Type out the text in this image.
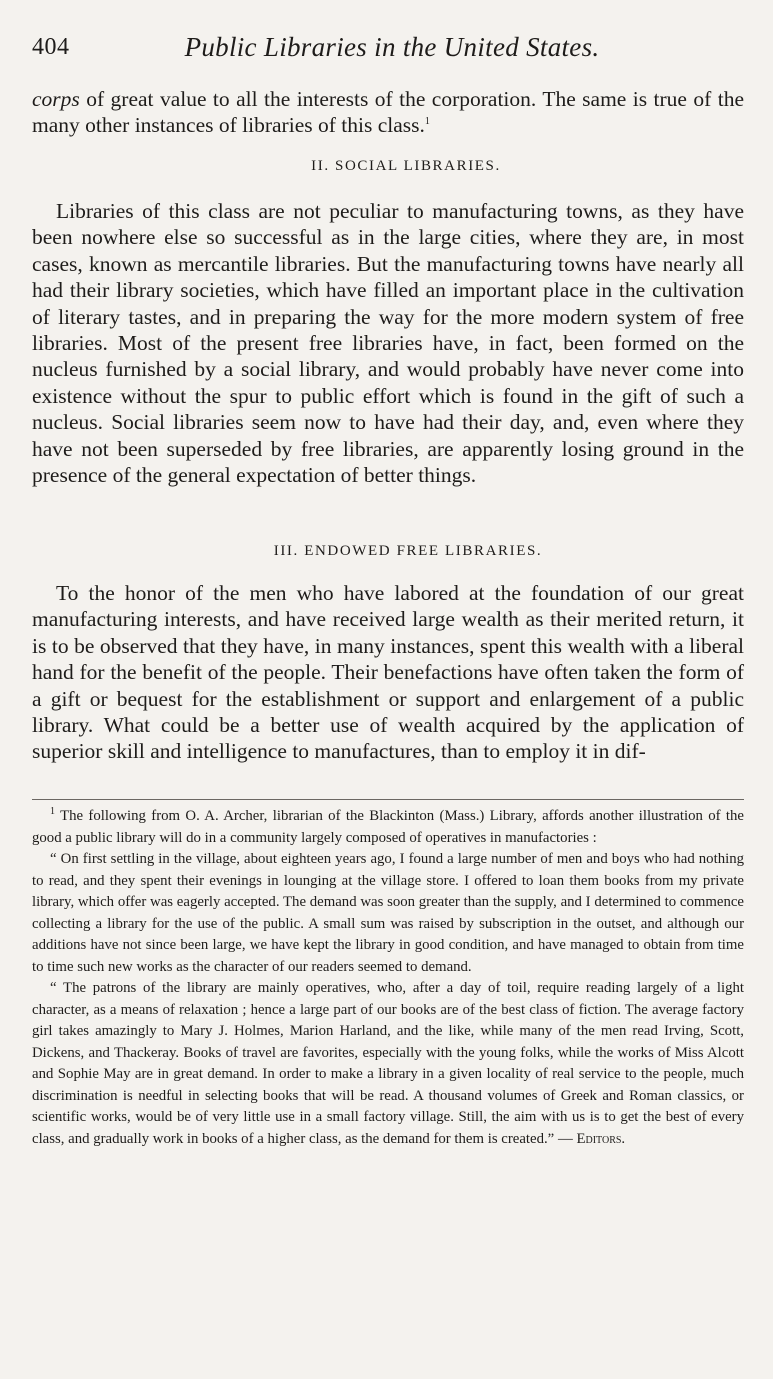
404	Public Libraries in the United States.

corps of great value to all the interests of the corporation. The same is true of the many other instances of libraries of this class.$^1$

II. SOCIAL LIBRARIES.

Libraries of this class are not peculiar to manufacturing towns, as they have been nowhere else so successful as in the large cities, where they are, in most cases, known as mercantile libraries. But the manufacturing towns have nearly all had their library societies, which have filled an important place in the cultivation of literary tastes, and in preparing the way for the more modern system of free libraries. Most of the present free libraries have, in fact, been formed on the nucleus furnished by a social library, and would probably have never come into existence without the spur to public effort which is found in the gift of such a nucleus. Social libraries seem now to have had their day, and, even where they have not been superseded by free libraries, are apparently losing ground in the presence of the general expectation of better things.

III. ENDOWED FREE LIBRARIES.

To the honor of the men who have labored at the foundation of our great manufacturing interests, and have received large wealth as their merited return, it is to be observed that they have, in many instances, spent this wealth with a liberal hand for the benefit of the people. Their benefactions have often taken the form of a gift or bequest for the establishment or support and enlargement of a public library. What could be a better use of wealth acquired by the application of superior skill and intelligence to manufactures, than to employ it in dif-

$^1$ The following from O. A. Archer, librarian of the Blackinton (Mass.) Library, affords another illustration of the good a public library will do in a community largely composed of operatives in manufactories :

“ On first settling in the village, about eighteen years ago, I found a large number of men and boys who had nothing to read, and they spent their evenings in lounging at the village store. I offered to loan them books from my private library, which offer was eagerly accepted. The demand was soon greater than the supply, and I determined to commence collecting a library for the use of the public. A small sum was raised by subscription in the outset, and although our additions have not since been large, we have kept the library in good condition, and have managed to obtain from time to time such new works as the character of our readers seemed to demand.

“ The patrons of the library are mainly operatives, who, after a day of toil, require reading largely of a light character, as a means of relaxation ; hence a large part of our books are of the best class of fiction. The average factory girl takes amazingly to Mary J. Holmes, Marion Harland, and the like, while many of the men read Irving, Scott, Dickens, and Thackeray. Books of travel are favorites, especially with the young folks, while the works of Miss Alcott and Sophie May are in great demand. In order to make a library in a given locality of real service to the people, much discrimination is needful in selecting books that will be read. A thousand volumes of Greek and Roman classics, or scientific works, would be of very little use in a small factory village. Still, the aim with us is to get the best of every class, and gradually work in books of a higher class, as the demand for them is created.” — Editors.
